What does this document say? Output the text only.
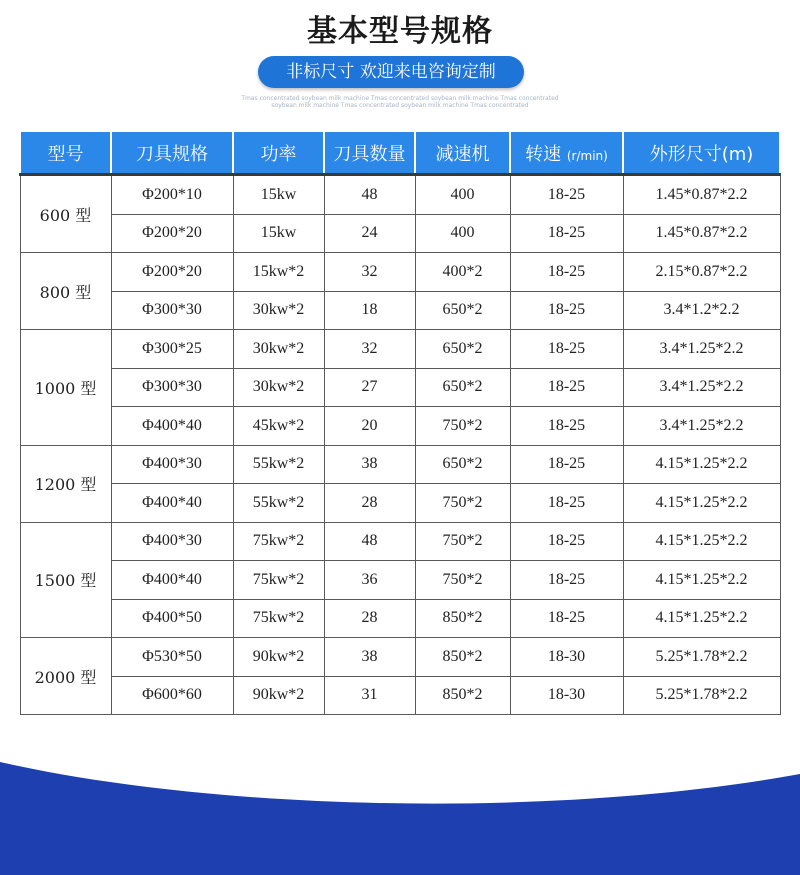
基本型号规格
非标尺寸 欢迎来电咨询定制
Tmas concentrated soybean milk machine Tmas concentrated soybean milk machine Tmas concentrated
soybean milk machine Tmas concentrated soybean milk machine Tmas concentrated
型号	刀具规格	功率	刀具数量	减速机	转速 (r/min)	外形尺寸(m)
600 型	Φ200*10	15kw	48	400	18-25	1.45*0.87*2.2
	Φ200*20	15kw	24	400	18-25	1.45*0.87*2.2
800 型	Φ200*20	15kw*2	32	400*2	18-25	2.15*0.87*2.2
	Φ300*30	30kw*2	18	650*2	18-25	3.4*1.2*2.2
1000 型	Φ300*25	30kw*2	32	650*2	18-25	3.4*1.25*2.2
	Φ300*30	30kw*2	27	650*2	18-25	3.4*1.25*2.2
	Φ400*40	45kw*2	20	750*2	18-25	3.4*1.25*2.2
1200 型	Φ400*30	55kw*2	38	650*2	18-25	4.15*1.25*2.2
	Φ400*40	55kw*2	28	750*2	18-25	4.15*1.25*2.2
1500 型	Φ400*30	75kw*2	48	750*2	18-25	4.15*1.25*2.2
	Φ400*40	75kw*2	36	750*2	18-25	4.15*1.25*2.2
	Φ400*50	75kw*2	28	850*2	18-25	4.15*1.25*2.2
2000 型	Φ530*50	90kw*2	38	850*2	18-30	5.25*1.78*2.2
	Φ600*60	90kw*2	31	850*2	18-30	5.25*1.78*2.2
